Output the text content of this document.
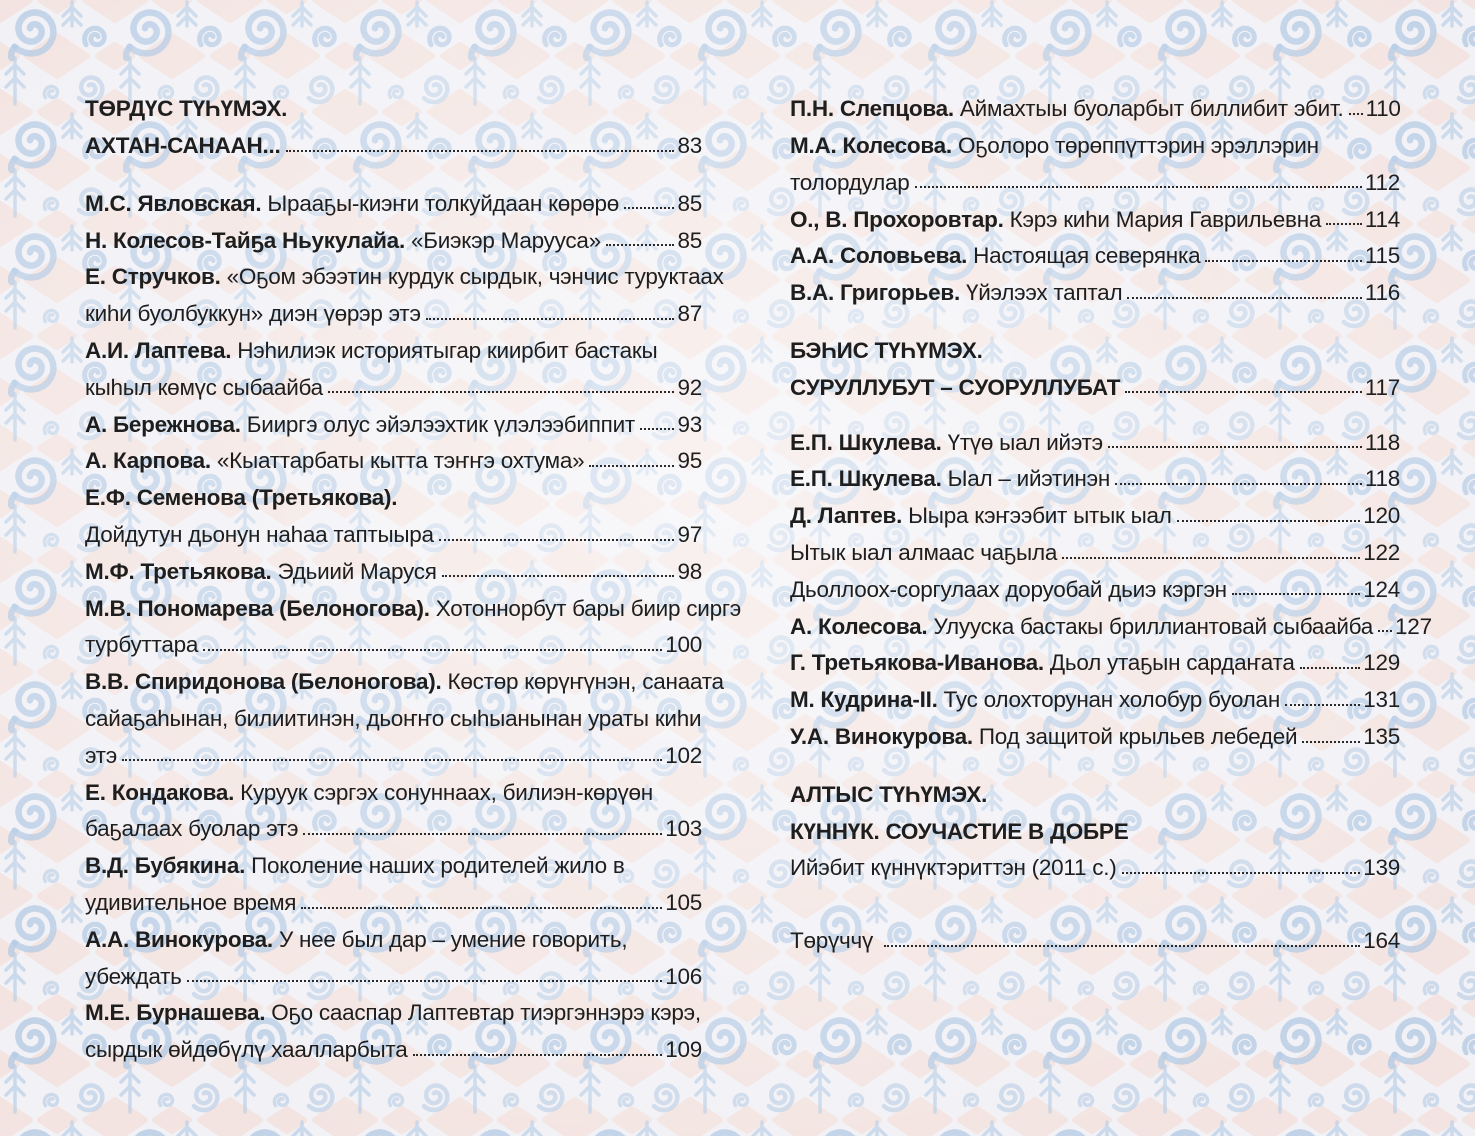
ТӨРДҮС ТҮҺҮМЭХ.
АХТАН-САНААН...	83
М.С. Явловская. Ырааҕы-киэҥи толкуйдаан көрөрө	85
Н. Колесов-Тайҕа Ньукулайа. «Биэкэр Марууса»	85
Е. Стручков. «Оҕом эбээтин курдук сырдык, чэнчис туруктаах
киһи буолбуккун» диэн үөрэр этэ	87
А.И. Лаптева. Нэһилиэк историятыгар киирбит бастакы
кыһыл көмүс сыбаайба	92
А. Бережнова. Бииргэ олус эйэлээхтик үлэлээбиппит 93
А. Карпова. «Кыаттарбаты кытта тэҥҥэ охтума»	95
Е.Ф. Семенова (Третьякова).
Дойдутун дьонун наһаа таптыыра	97
М.Ф. Третьякова. Эдьиий Маруся	98
М.В. Пономарева (Белоногова). Хотоннорбут бары биир сиргэ
турбуттара	100
В.В. Спиридонова (Белоногова). Көстөр көрүҥүнэн, санаата
сайаҕаһынан, билиитинэн, дьоҥҥо сыһыанынан ураты киһи
этэ	102
Е. Кондакова. Куруук сэргэх сонуннаах, билиэн-көрүөн
баҕалаах буолар этэ	103
В.Д. Бубякина. Поколение наших родителей жило в
удивительное время	105
А.А. Винокурова. У нее был дар – умение говорить,
убеждать	106
М.Е. Бурнашева. Оҕо сааспар Лаптевтар тиэргэннэрэ кэрэ,
сырдык өйдөбүлү хаалларбыта	109
П.Н. Слепцова. Аймахтыы буоларбыт биллибит эбит. 110
М.А. Колесова. Оҕолоро төрөппүттэрин эрэллэрин
толордулар	112
О., В. Прохоровтар. Кэрэ киһи Мария Гаврильевна 114
А.А. Соловьева. Настоящая северянка	115
В.А. Григорьев. Үйэлээх таптал	116
БЭҺИС ТҮҺҮМЭХ.
СУРУЛЛУБУТ – СУОРУЛЛУБАТ	117
Е.П. Шкулева. Үтүө ыал ийэтэ	118
Е.П. Шкулева. Ыал – ийэтинэн	118
Д. Лаптев. Ыыра кэҥээбит ытык ыал	120
Ытык ыал алмаас чаҕыла	122
Дьоллоох-соргулаах доруобай дьиэ кэргэн	124
А. Колесова. Улууска бастакы бриллиантовай сыбаайба 127
Г. Третьякова-Иванова. Дьол утаҕын сардаҥата	129
М. Кудрина-II. Тус олохторунан холобур буолан	131
У.А. Винокурова. Под защитой крыльев лебедей	135
АЛТЫС ТҮҺҮМЭХ.
КҮННҮК. СОУЧАСТИЕ В ДОБРЕ
Ийэбит күннүктэриттэн (2011 с.)	139
Төрүччү	164
